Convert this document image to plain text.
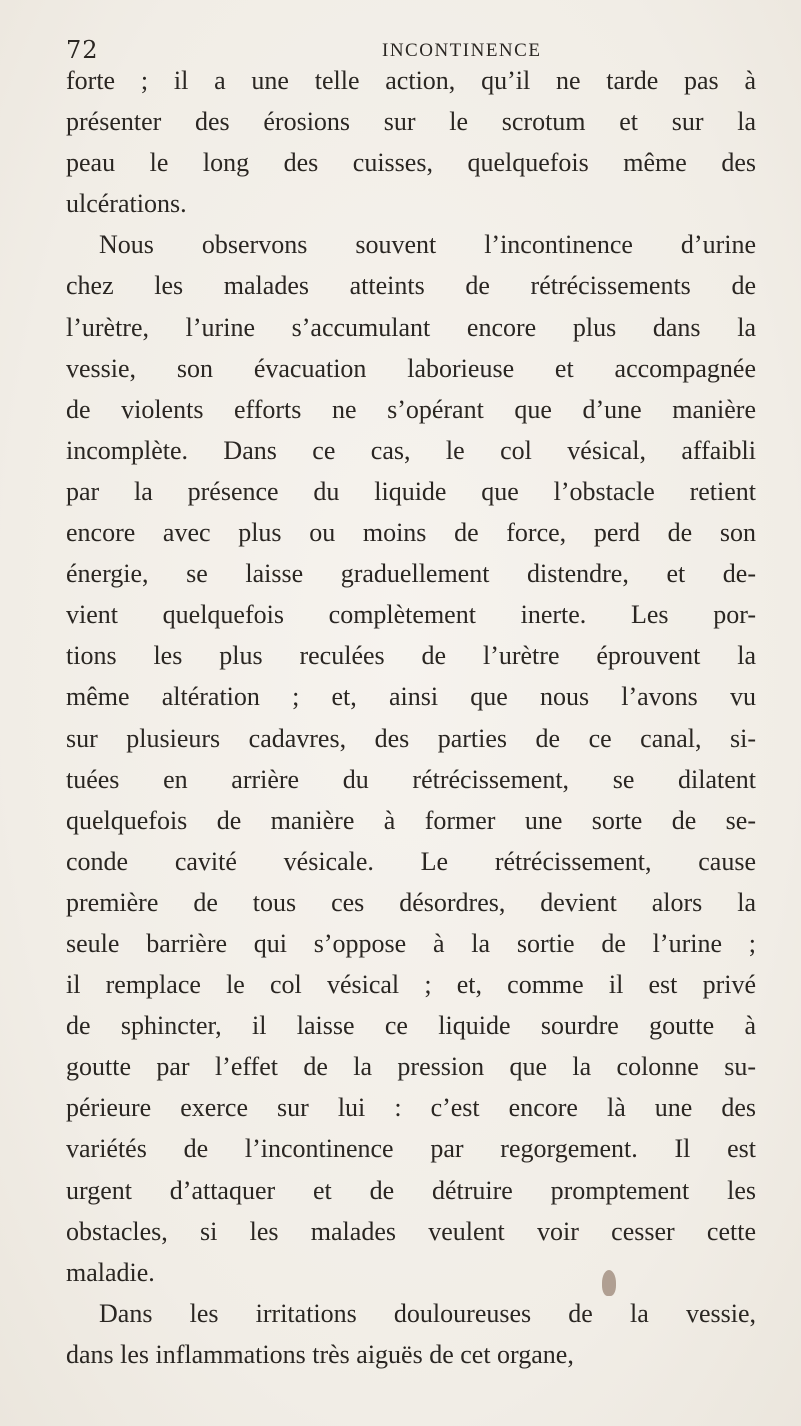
72	INCONTINENCE
forte ; il a une telle action, qu’il ne tarde pas à
présenter des érosions sur le scrotum et sur la
peau le long des cuisses, quelquefois même des
ulcérations.
Nous observons souvent l’incontinence d’urine
chez les malades atteints de rétrécissements de
l’urètre, l’urine s’accumulant encore plus dans la
vessie, son évacuation laborieuse et accompagnée
de violents efforts ne s’opérant que d’une manière
incomplète. Dans ce cas, le col vésical, affaibli
par la présence du liquide que l’obstacle retient
encore avec plus ou moins de force, perd de son
énergie, se laisse graduellement distendre, et de-
vient quelquefois complètement inerte. Les por-
tions les plus reculées de l’urètre éprouvent la
même altération ; et, ainsi que nous l’avons vu
sur plusieurs cadavres, des parties de ce canal, si-
tuées en arrière du rétrécissement, se dilatent
quelquefois de manière à former une sorte de se-
conde cavité vésicale. Le rétrécissement, cause
première de tous ces désordres, devient alors la
seule barrière qui s’oppose à la sortie de l’urine ;
il remplace le col vésical ; et, comme il est privé
de sphincter, il laisse ce liquide sourdre goutte à
goutte par l’effet de la pression que la colonne su-
périeure exerce sur lui : c’est encore là une des
variétés de l’incontinence par regorgement. Il est
urgent d’attaquer et de détruire promptement les
obstacles, si les malades veulent voir cesser cette
maladie.
Dans les irritations douloureuses de la vessie,
dans les inflammations très aiguës de cet organe,
